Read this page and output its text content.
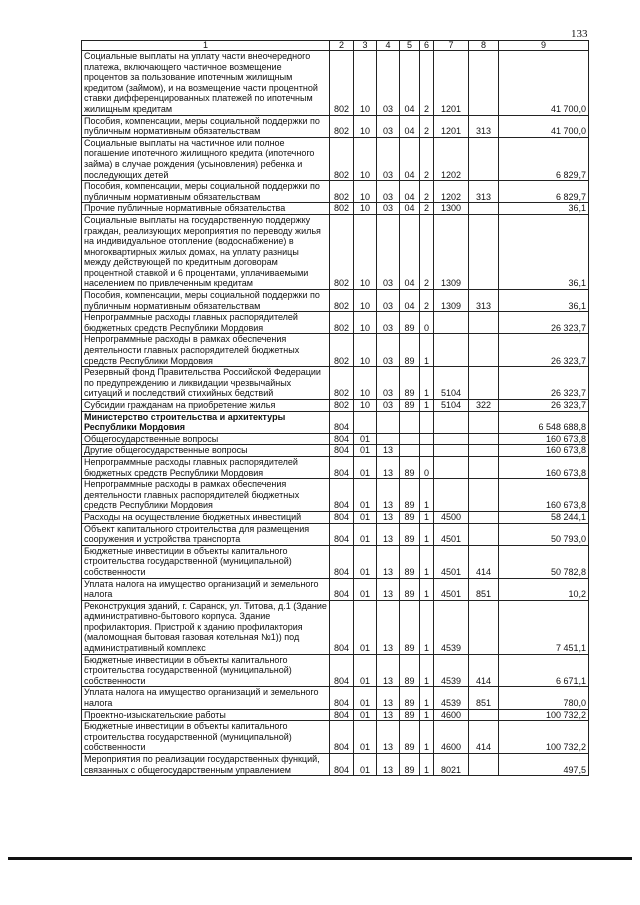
133
1	2	3	4	5	6	7	8	9
Социальные выплаты на уплату части внеочередного платежа, включающего частичное возмещение процентов за пользование ипотечным жилищным кредитом (займом), и на возмещение части процентной ставки дифференцированных платежей по ипотечным жилищным кредитам	802	10	03	04	2	1201		41 700,0
Пособия, компенсации, меры социальной поддержки по публичным нормативным обязательствам	802	10	03	04	2	1201	313	41 700,0
Социальные выплаты на частичное или полное погашение ипотечного жилищного кредита (ипотечного займа) в случае рождения (усыновления) ребенка и последующих детей	802	10	03	04	2	1202		6 829,7
Пособия, компенсации, меры социальной поддержки по публичным нормативным обязательствам	802	10	03	04	2	1202	313	6 829,7
Прочие публичные нормативные обязательства	802	10	03	04	2	1300		36,1
Социальные выплаты на государственную поддержку граждан, реализующих мероприятия по переводу жилья на индивидуальное отопление (водоснабжение) в многоквартирных жилых домах, на уплату разницы между действующей по кредитным договорам процентной ставкой и 6 процентами, уплачиваемыми населением по привлеченным кредитам	802	10	03	04	2	1309		36,1
Пособия, компенсации, меры социальной поддержки по публичным нормативным обязательствам	802	10	03	04	2	1309	313	36,1
Непрограммные расходы главных распорядителей бюджетных средств Республики Мордовия	802	10	03	89	0			26 323,7
Непрограммные расходы в рамках обеспечения деятельности главных распорядителей бюджетных средств Республики Мордовия	802	10	03	89	1			26 323,7
Резервный фонд Правительства Российской Федерации по предупреждению и ликвидации чрезвычайных ситуаций и последствий стихийных бедствий	802	10	03	89	1	5104		26 323,7
Субсидии гражданам на приобретение жилья	802	10	03	89	1	5104	322	26 323,7
Министерство строительства и архитектуры Республики Мордовия	804							6 548 688,8
Общегосударственные вопросы	804	01						160 673,8
Другие общегосударственные вопросы	804	01	13					160 673,8
Непрограммные расходы главных распорядителей бюджетных средств Республики Мордовия	804	01	13	89	0			160 673,8
Непрограммные расходы в рамках обеспечения деятельности главных распорядителей бюджетных средств Республики Мордовия	804	01	13	89	1			160 673,8
Расходы на осуществление бюджетных инвестиций	804	01	13	89	1	4500		58 244,1
Объект капитального строительства для размещения сооружения и устройства транспорта	804	01	13	89	1	4501		50 793,0
Бюджетные инвестиции в объекты капитального строительства государственной (муниципальной) собственности	804	01	13	89	1	4501	414	50 782,8
Уплата налога на имущество организаций и земельного налога	804	01	13	89	1	4501	851	10,2
Реконструкция зданий, г. Саранск, ул. Титова, д.1 (Здание административно-бытового корпуса. Здание профилактория. Пристрой к зданию профилактория (маломощная бытовая газовая котельная №1)) под административный комплекс	804	01	13	89	1	4539		7 451,1
Бюджетные инвестиции в объекты капитального строительства государственной (муниципальной) собственности	804	01	13	89	1	4539	414	6 671,1
Уплата налога на имущество организаций и земельного налога	804	01	13	89	1	4539	851	780,0
Проектно-изыскательские работы	804	01	13	89	1	4600		100 732,2
Бюджетные инвестиции в объекты капитального строительства государственной (муниципальной) собственности	804	01	13	89	1	4600	414	100 732,2
Мероприятия по реализации государственных функций, связанных с общегосударственным управлением	804	01	13	89	1	8021		497,5
